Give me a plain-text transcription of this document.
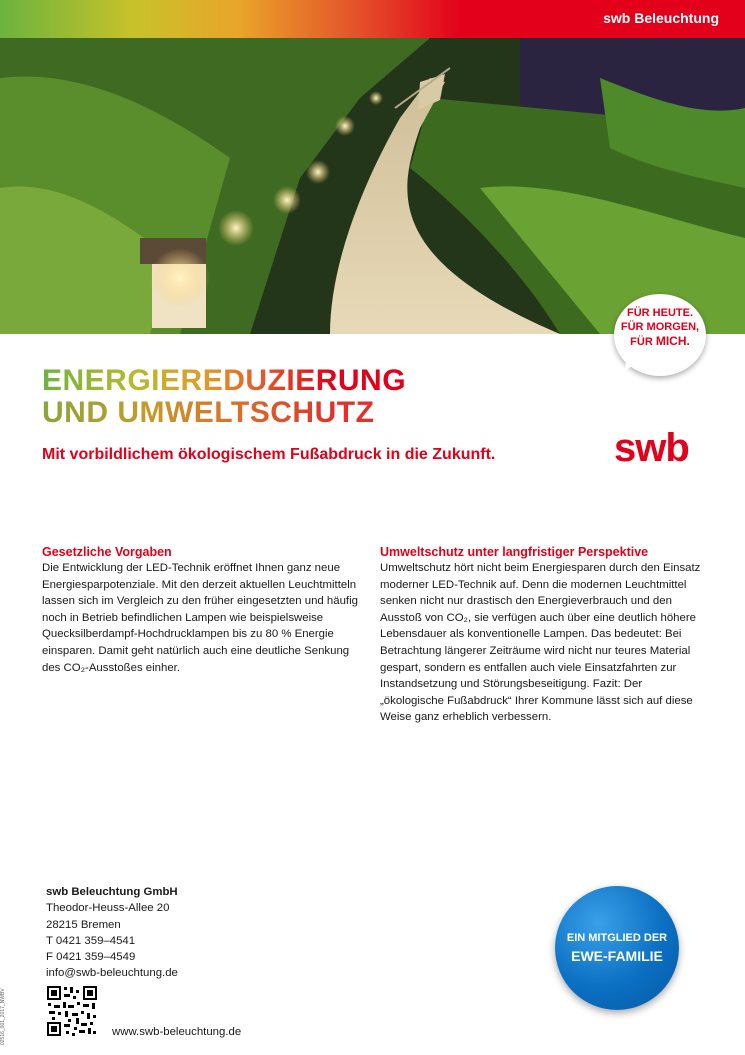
swb Beleuchtung
FÜR HEUTE.
FÜR MORGEN,
FÜR MICH.
ENERGIEREDUZIERUNG
UND UMWELTSCHUTZ

Mit vorbildlichem ökologischem Fußabdruck in die Zukunft.	swb
Gesetzliche Vorgaben

Die Entwicklung der LED-Technik eröffnet Ihnen ganz neue Energiesparpotenziale. Mit den derzeit aktuellen Leuchtmitteln lassen sich im Vergleich zu den früher eingesetzten und häufig noch in Betrieb befindlichen Lampen wie beispielsweise Quecksilberdampf-Hochdrucklampen bis zu 80 % Energie einsparen. Damit geht natürlich auch eine deutliche Senkung des CO₂-Ausstoßes einher.

Umweltschutz unter langfristiger Perspektive

Umweltschutz hört nicht beim Energiesparen durch den Einsatz moderner LED-Technik auf. Denn die modernen Leuchtmittel senken nicht nur drastisch den Energieverbrauch und den Ausstoß von CO₂, sie verfügen auch über eine deutlich höhere Lebensdauer als konventionelle Lampen. Das bedeutet: Bei Betrachtung längerer Zeiträume wird nicht nur teures Material gespart, sondern es entfallen auch viele Einsatzfahrten zur Instandsetzung und Störungsbeseitigung. Fazit: Der „ökologische Fußabdruck“ Ihrer Kommune lässt sich auf diese Weise ganz erheblich verbessern.

swb Beleuchtung GmbH
Theodor-Heuss-Allee 20
28215 Bremen
T 0421 359–4541
F 0421 359–4549
info@swb-beleuchtung.de
02516_001_2017_NWBV	www.swb-beleuchtung.de
EIN MITGLIED DER
EWE-FAMILIE
